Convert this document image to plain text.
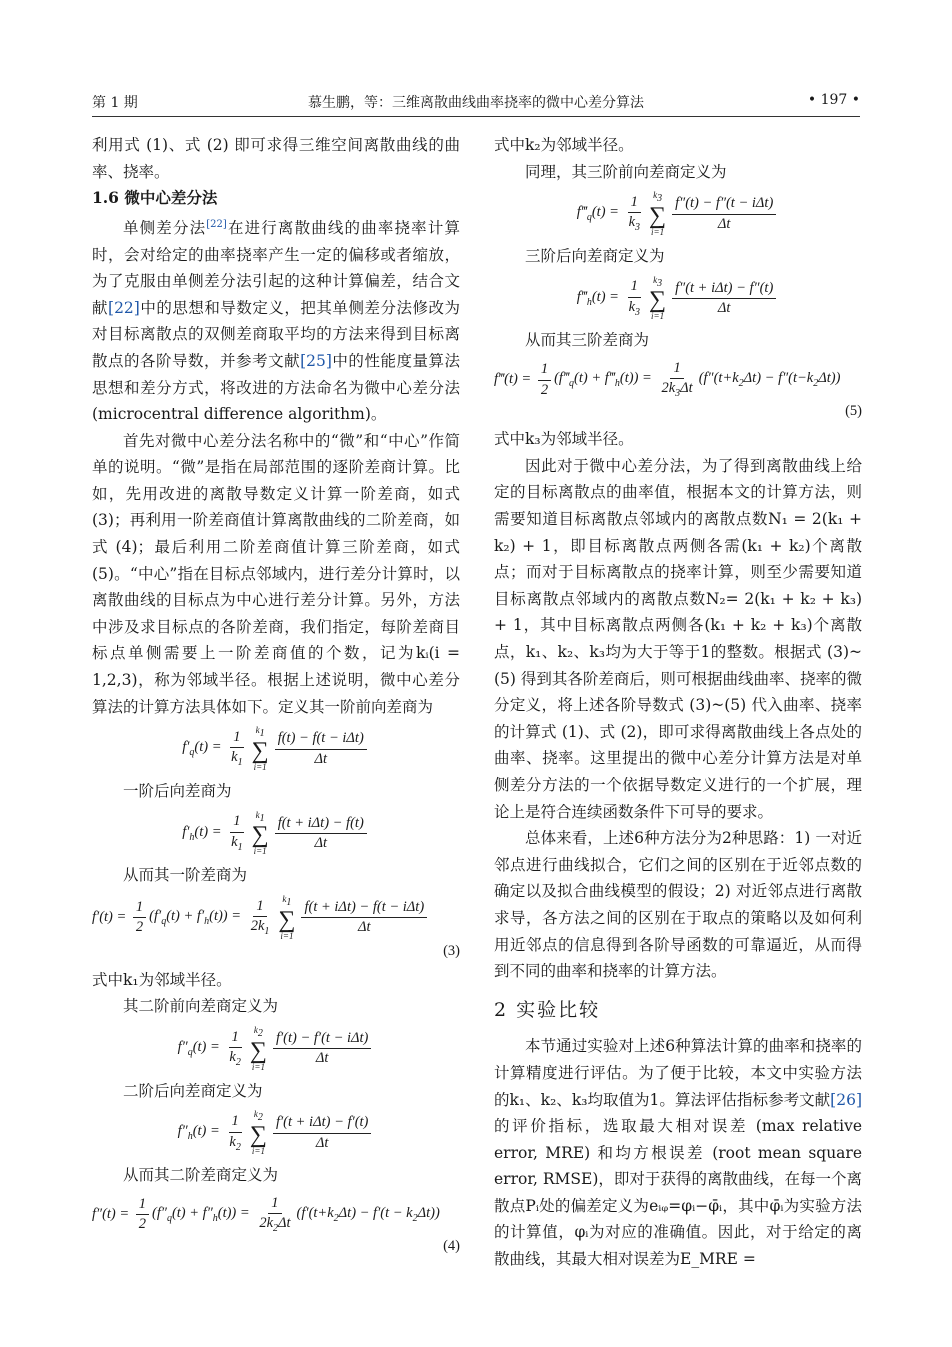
第 1 期	慕生鹏，等：三维离散曲线曲率挠率的微中心差分算法	• 197 •

利用式 (1)、式 (2) 即可求得三维空间离散曲线的曲率、挠率。

1.6 微中心差分法

单侧差分法[22]在进行离散曲线的曲率挠率计算时，会对给定的曲率挠率产生一定的偏移或者缩放，为了克服由单侧差分法引起的这种计算偏差，结合文献[22]中的思想和导数定义，把其单侧差分法修改为对目标离散点的双侧差商取平均的方法来得到目标离散点的各阶导数，并参考文献[25]中的性能度量算法思想和差分方式，将改进的方法命名为微中心差分法 (microcentral difference algorithm)。

首先对微中心差分法名称中的“微”和“中心”作简单的说明。“微”是指在局部范围的逐阶差商计算。比如，先用改进的离散导数定义计算一阶差商，如式 (3)；再利用一阶差商值计算离散曲线的二阶差商，如式 (4)；最后利用二阶差商值计算三阶差商，如式 (5)。“中心”指在目标点邻域内，进行差分计算时，以离散曲线的目标点为中心进行差分计算。另外，方法中涉及求目标点的各阶差商，我们指定，每阶差商目标点单侧需要上一阶差商值的个数，记为kᵢ(i = 1,2,3)，称为邻域半径。根据上述说明，微中心差分算法的计算方法具体如下。定义其一阶前向差商为

$f'_q(t) = \frac{1}{k_1} k_1$
∑
$i=1 \frac{\text{f(t) − f(t − iΔt)}}{\Delta t}$

一阶后向差商为

$f'_h(t) = \frac{1}{k_1} k_1$
∑
$i=1 \frac{\text{f(t + iΔt) − f(t)}}{\Delta t}$

从而其一阶差商为

$f'(t) = \frac{1}{2} (f'_q(t) + f'_h(t)) = \frac{1}{2k_1} k_1$
∑
$i=1 \frac{\text{f(t + iΔt) − f(t − iΔt)}}{\Delta t}$
(3)

式中k₁为邻域半径。

其二阶前向差商定义为

$f''_q(t) = \frac{1}{k_2} k_2$
∑
$i=1 \frac{\text{f′(t) − f′(t − iΔt)}}{\Delta t}$

二阶后向差商定义为

$f''_h(t) = \frac{1}{k_2} k_2$
∑
$i=1 \frac{\text{f′(t + iΔt) − f′(t)}}{\Delta t}$

从而其二阶差商定义为

$f''(t) = \frac{1}{2} (f''_q(t) + f''_h(t)) = \frac{1}{2k_2\Delta t} (f'(t+k_2\Delta t) - f'(t - k_2\Delta t))$
(4)

式中k₂为邻域半径。

同理，其三阶前向差商定义为

$f‴_q(t) = \frac{1}{k_3} k_3$
∑
$i=1 \frac{\text{f″(t) − f″(t − iΔt)}}{\Delta t}$

三阶后向差商定义为

$f‴_h(t) = \frac{1}{k_3} k_3$
∑
$i=1 \frac{\text{f″(t + iΔt) − f″(t)}}{\Delta t}$

从而其三阶差商为

f‴(t) = $\frac{1}{2}$ ($f‴_q(t)$ + $f‴_h(t)) = \frac{1}{2k_3\Delta t} (f''(t+k_2\Delta t) - f''(t-k_2\Delta t))$
(5)

式中k₃为邻域半径。

因此对于微中心差分法，为了得到离散曲线上给定的目标离散点的曲率值，根据本文的计算方法，则需要知道目标离散点邻域内的离散点数N₁ = 2(k₁ + k₂) + 1，即目标离散点两侧各需(k₁ + k₂)个离散点；而对于目标离散点的挠率计算，则至少需要知道目标离散点邻域内的离散点数N₂= 2(k₁ + k₂ + k₃) + 1，其中目标离散点两侧各(k₁ + k₂ + k₃)个离散点，k₁、k₂、k₃均为大于等于1的整数。根据式 (3)~(5) 得到其各阶差商后，则可根据曲线曲率、挠率的微分定义，将上述各阶导数式 (3)~(5) 代入曲率、挠率的计算式 (1)、式 (2)，即可求得离散曲线上各点处的曲率、挠率。这里提出的微中心差分计算方法是对单侧差分方法的一个依据导数定义进行的一个扩展，理论上是符合连续函数条件下可导的要求。

总体来看，上述6种方法分为2种思路：1) 一对近邻点进行曲线拟合，它们之间的区别在于近邻点数的确定以及拟合曲线模型的假设；2) 对近邻点进行离散求导，各方法之间的区别在于取点的策略以及如何利用近邻点的信息得到各阶导函数的可靠逼近，从而得到不同的曲率和挠率的计算方法。

2 实验比较

本节通过实验对上述6种算法计算的曲率和挠率的计算精度进行评估。为了便于比较，本文中实验方法的k₁、k₂、k₃均取值为1。算法评估指标参考文献[26]的评价指标，选取最大相对误差 (max relative error, MRE) 和均方根误差 (root mean square error, RMSE)，即对于获得的离散曲线，在每一个离散点Pᵢ处的偏差定义为eᵢᵩ=φᵢ−φ̄ᵢ，其中φ̄ᵢ为实验方法的计算值，φᵢ为对应的准确值。因此，对于给定的离散曲线，其最大相对误差为E_MRE =
